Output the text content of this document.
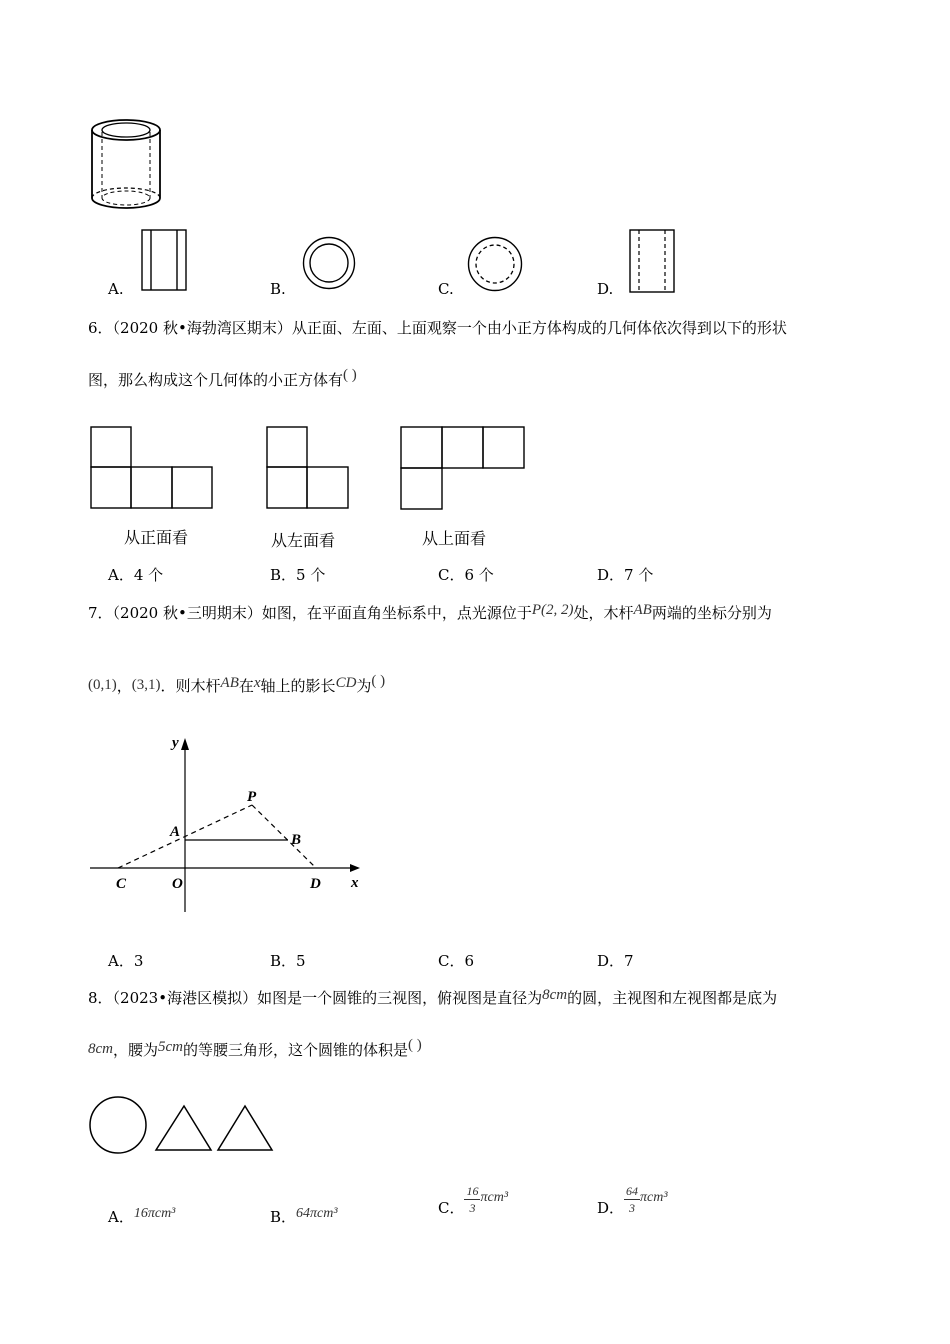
A.	B.	C.	D.
6．（2020 秋•海勃湾区期末）从正面、左面、上面观察一个由小正方体构成的几何体依次得到以下的形状
图，那么构成这个几何体的小正方体有( )
从正面看	从左面看	从上面看
A．4 个	B．5 个	C．6 个	D．7 个
7．（2020 秋•三明期末）如图，在平面直角坐标系中，点光源位于P(2, 2)处，木杆AB两端的坐标分别为
(0,1)，(3,1)．则木杆AB在x轴上的影长CD为( )
y
x
P
A	B
C	O	D
A．3	B．5	C．6	D．7
8．（2023•海港区模拟）如图是一个圆锥的三视图，俯视图是直径为8cm的圆，主视图和左视图都是底为
8cm，腰为5cm的等腰三角形，这个圆锥的体积是( )
A．16πcm³	B．64πcm³	C． $\frac{16}{3} \pi cm^3$
D． $\frac{64}{3} \pi cm^3$
